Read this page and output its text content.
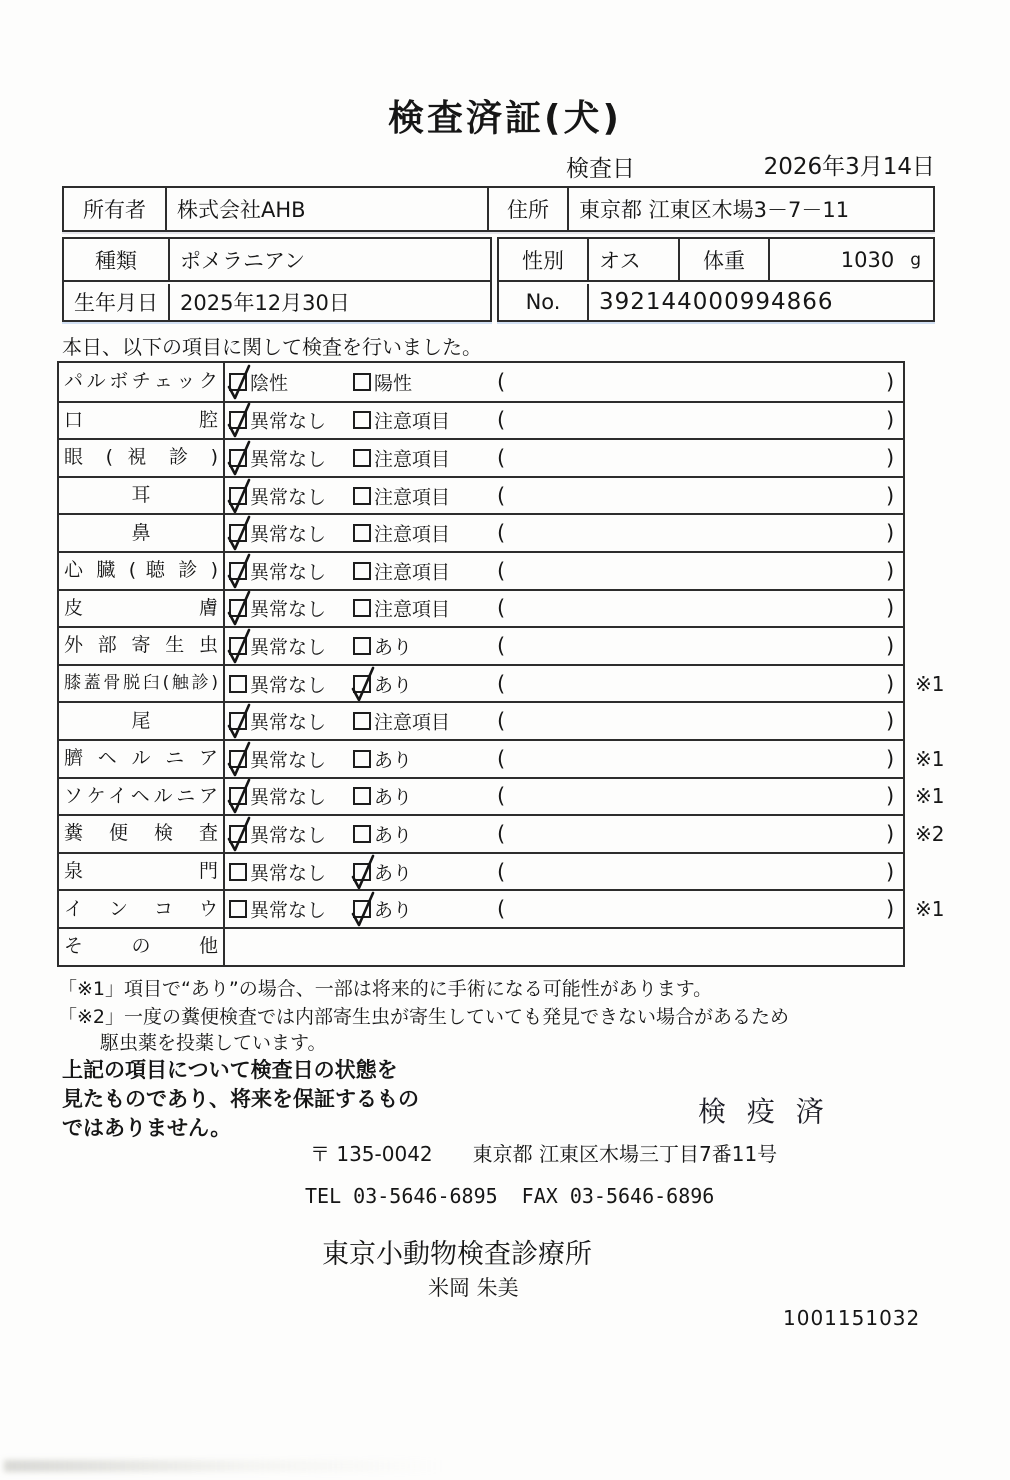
検査済証(犬)
検査日	2026年3月14日
所有者	株式会社AHB	住所	東京都 江東区木場3－7－11
種類	ポメラニアン
生年月日	2025年12月30日
性別	オス	体重	1030 g
No.	392144000994866
本日、以下の項目に関して検査を行いました。
パルボチェック 陰性	陽性	(	)
口 腔 異常なし	注意項目 (	)
眼 ( 視 診 ) 異常なし	注意項目 (	)
耳	異常なし	注意項目 (	)
鼻	異常なし	注意項目 (	)
心 臓 ( 聴 診 ) 異常なし	注意項目 (	)
皮 膚 異常なし	注意項目 (	)
外 部 寄 生 虫 異常なし	あり	(	)
膝蓋骨脱臼(触診) 異常なし	あり	(	) ※1
尾	異常なし	注意項目 (	)
臍 ヘ ル ニ ア 異常なし	あり	(	) ※1
ソケイヘルニア 異常なし	あり	(	) ※1
糞 便 検 査 異常なし	あり	(	) ※2
泉 門 異常なし	あり	(	)
イ ン コ ウ 異常なし	あり	(	) ※1
そ の 他
「※1」項目で“あり”の場合、一部は将来的に手術になる可能性があります。
「※2」一度の糞便検査では内部寄生虫が寄生していても発見できない場合があるため
駆虫薬を投薬しています。
上記の項目について検査日の状態を
見たものであり、将来を保証するもの
ではありません。	検 疫 済
〒 135-0042 東京都 江東区木場三丁目7番11号
TEL 03-5646-6895 FAX 03-5646-6896
東京小動物検査診療所
米岡 朱美
1001151032
